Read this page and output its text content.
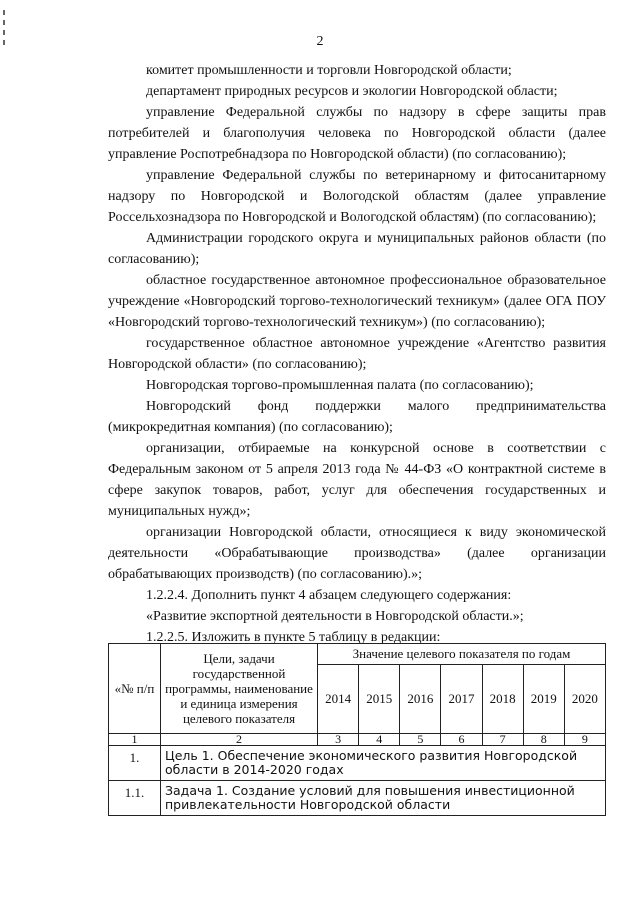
2

комитет промышленности и торговли Новгородской области;

департамент природных ресурсов и экологии Новгородской области;

управление Федеральной службы по надзору в сфере защиты прав потребителей и благополучия человека по Новгородской области (далее управление Роспотребнадзора по Новгородской области) (по согласованию);

управление Федеральной службы по ветеринарному и фитосанитарному надзору по Новгородской и Вологодской областям (далее управление Россельхознадзора по Новгородской и Вологодской областям) (по согласованию);

Администрации городского округа и муниципальных районов области (по согласованию);

областное государственное автономное профессиональное образовательное учреждение «Новгородский торгово-технологический техникум» (далее ОГА ПОУ «Новгородский торгово-технологический техникум») (по согласованию);

государственное областное автономное учреждение «Агентство развития Новгородской области» (по согласованию);

Новгородская торгово-промышленная палата (по согласованию);

Новгородский фонд поддержки малого предпринимательства (микрокредитная компания) (по согласованию);

организации, отбираемые на конкурсной основе в соответствии с Федеральным законом от 5 апреля 2013 года № 44-ФЗ «О контрактной системе в сфере закупок товаров, работ, услуг для обеспечения государственных и муниципальных нужд»;

организации Новгородской области, относящиеся к виду экономической деятельности «Обрабатывающие производства» (далее организации обрабатывающих производств) (по согласованию).»;

1.2.2.4. Дополнить пункт 4 абзацем следующего содержания:

«Развитие экспортной деятельности в Новгородской области.»;

1.2.2.5. Изложить в пункте 5 таблицу в редакции:

«№ п/п	Цели, задачи государственной программы, наименование и единица измерения целевого показателя	Значение целевого показателя по годам						
		2014	2015	2016	2017	2018	2019	2020
1	2	3	4	5	6	7	8	9
1.	Цель 1. Обеспечение экономического развития Новгородской области в 2014-2020 годах							
1.1.	Задача 1. Создание условий для повышения инвестиционной привлекательности Новгородской области							
